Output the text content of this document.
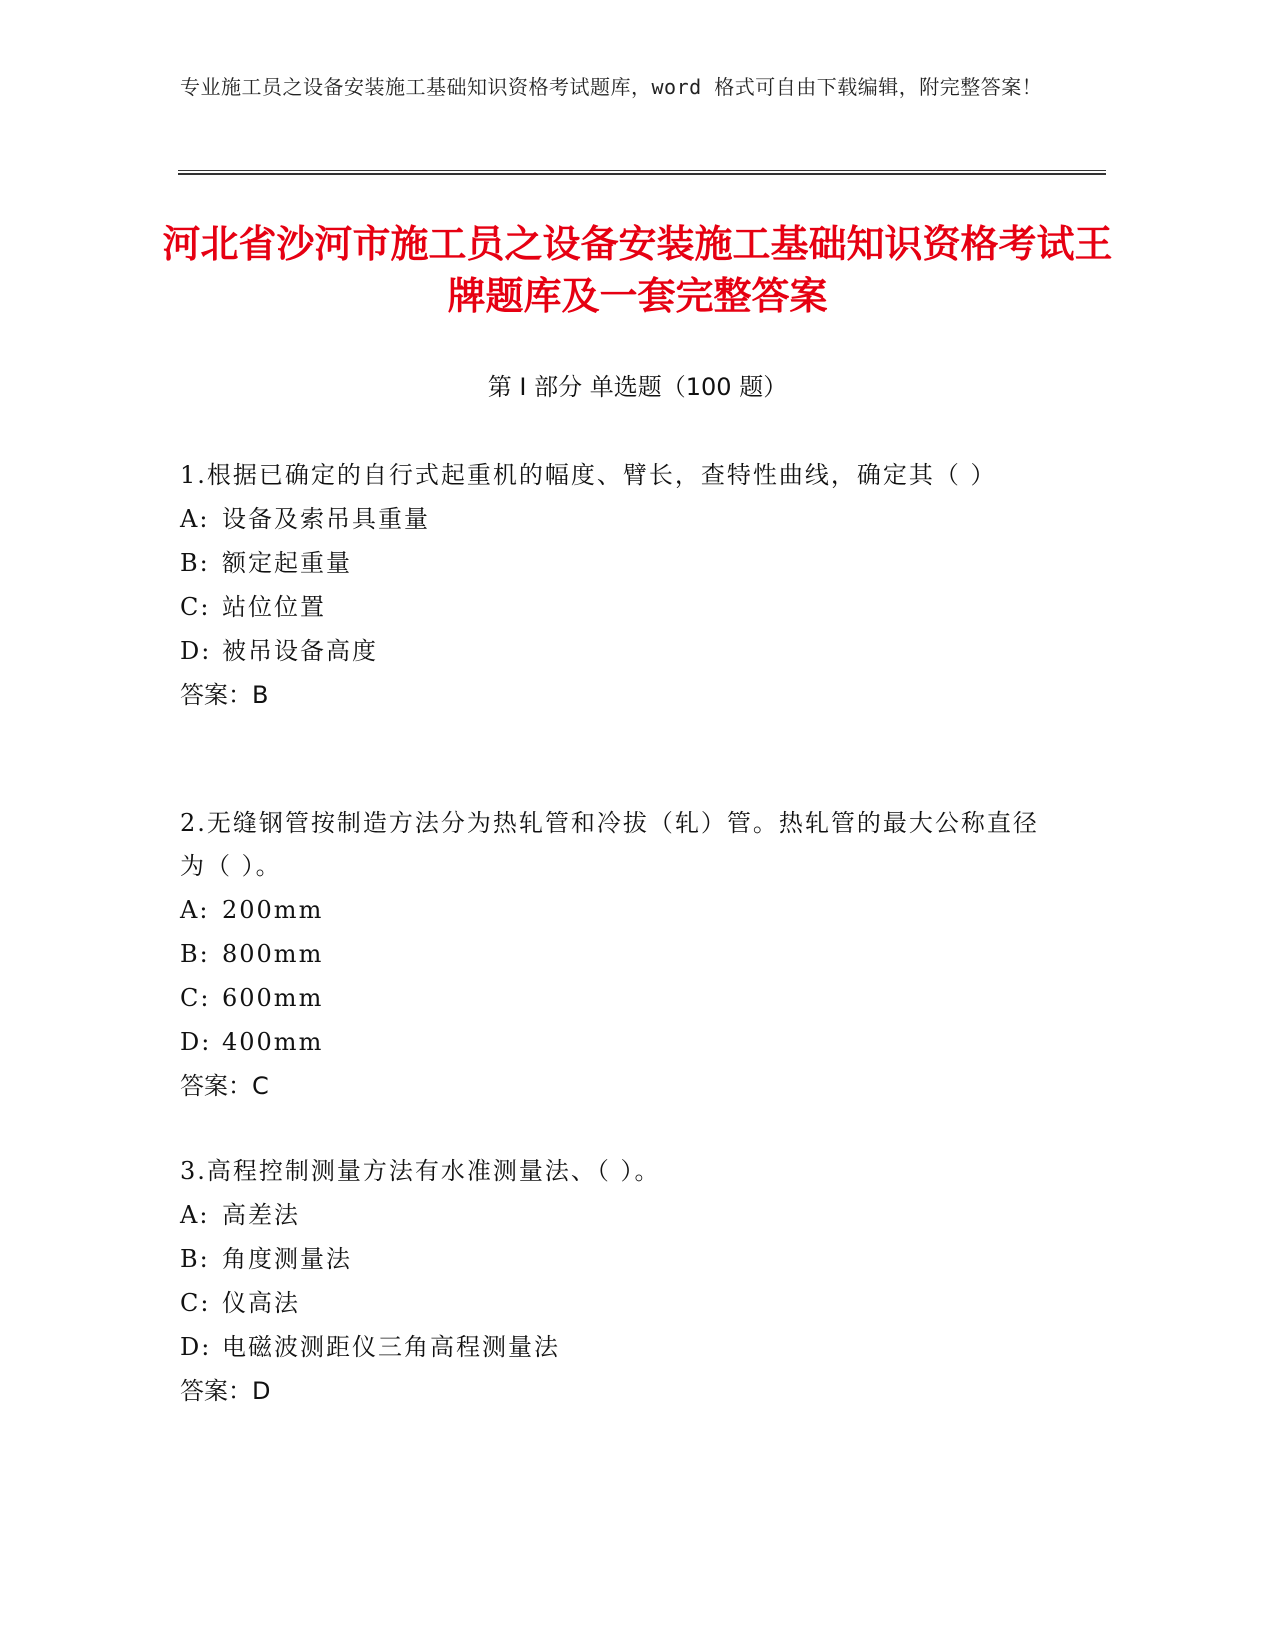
专业施工员之设备安装施工基础知识资格考试题库，word 格式可自由下载编辑，附完整答案！
河北省沙河市施工员之设备安装施工基础知识资格考试王牌题库及一套完整答案
第 I 部分 单选题（100 题）

1.根据已确定的自行式起重机的幅度、臂长，查特性曲线，确定其（ ）

A: 设备及索吊具重量

B: 额定起重量

C: 站位位置

D: 被吊设备高度

答案：B

2.无缝钢管按制造方法分为热轧管和冷拔（轧）管。热轧管的最大公称直径为（ ）。

A: 200mm

B: 800mm

C: 600mm

D: 400mm

答案：C

3.高程控制测量方法有水准测量法、（ ）。

A: 高差法

B: 角度测量法

C: 仪高法

D: 电磁波测距仪三角高程测量法

答案：D
